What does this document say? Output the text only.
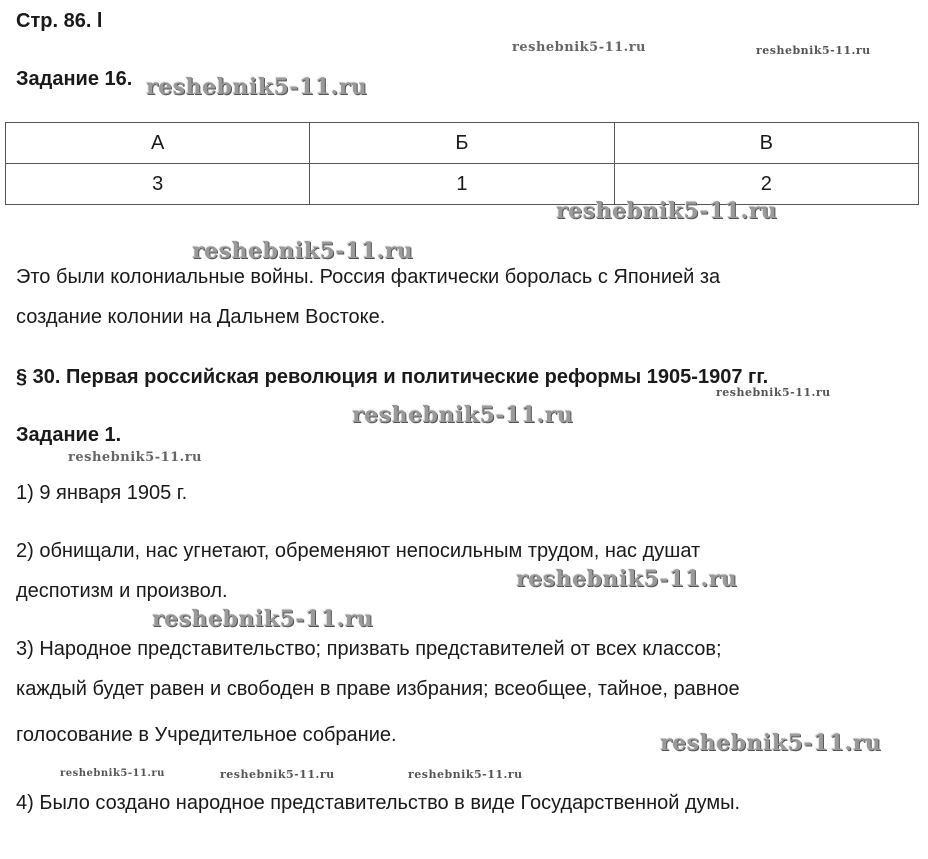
Стр. 86. l
Задание 16.
А	Б	В
3	1	2
Это были колониальные войны. Россия фактически боролась с Японией за
создание колонии на Дальнем Востоке.
§ 30. Первая российская революция и политические реформы 1905-1907 гг.
Задание 1.
1) 9 января 1905 г.
2) обнищали, нас угнетают, обременяют непосильным трудом, нас душат
деспотизм и произвол.
3) Народное представительство; призвать представителей от всех классов;
каждый будет равен и свободен в праве избрания; всеобщее, тайное, равное
голосование в Учредительное собрание.
4) Было создано народное представительство в виде Государственной думы.
reshebnik5-11.ru	reshebnik5-11.ru
reshebnik5-11.ru
reshebnik5-11.ru
reshebnik5-11.ru
reshebnik5-11.ru
reshebnik5-11.ru
reshebnik5-11.ru
reshebnik5-11.ru
reshebnik5-11.ru
reshebnik5-11.ru
reshebnik5-11.ru	reshebnik5-11.ru	reshebnik5-11.ru
